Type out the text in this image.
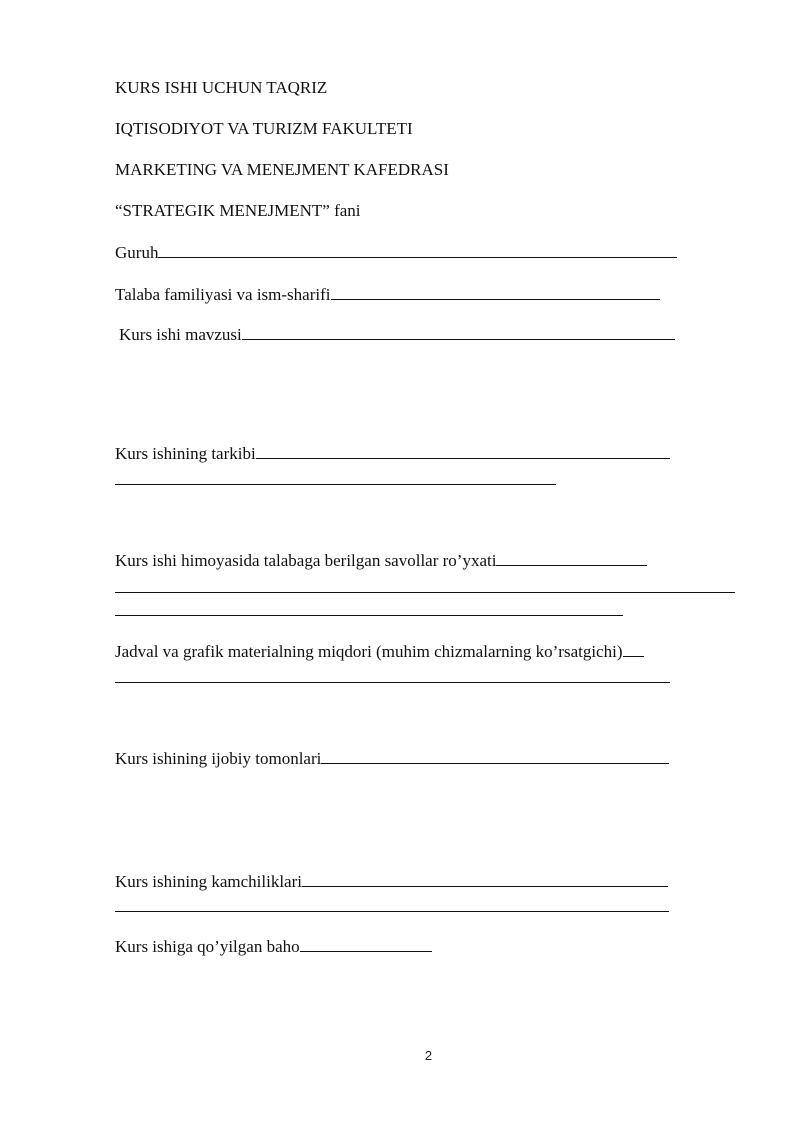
KURS ISHI UCHUN TAQRIZ
IQTISODIYOT VA TURIZM FAKULTETI
MARKETING VA MENEJMENT KAFEDRASI
“STRATEGIK MENEJMENT” fani
Guruh
Talaba familiyasi va ism-sharifi
Kurs ishi mavzusi
Kurs ishining tarkibi
Kurs ishi himoyasida talabaga berilgan savollar ro’yxati
Jadval va grafik materialning miqdori (muhim chizmalarning ko’rsatgichi)
Kurs ishining ijobiy tomonlari
Kurs ishining kamchiliklari
Kurs ishiga qo’yilgan baho
2
